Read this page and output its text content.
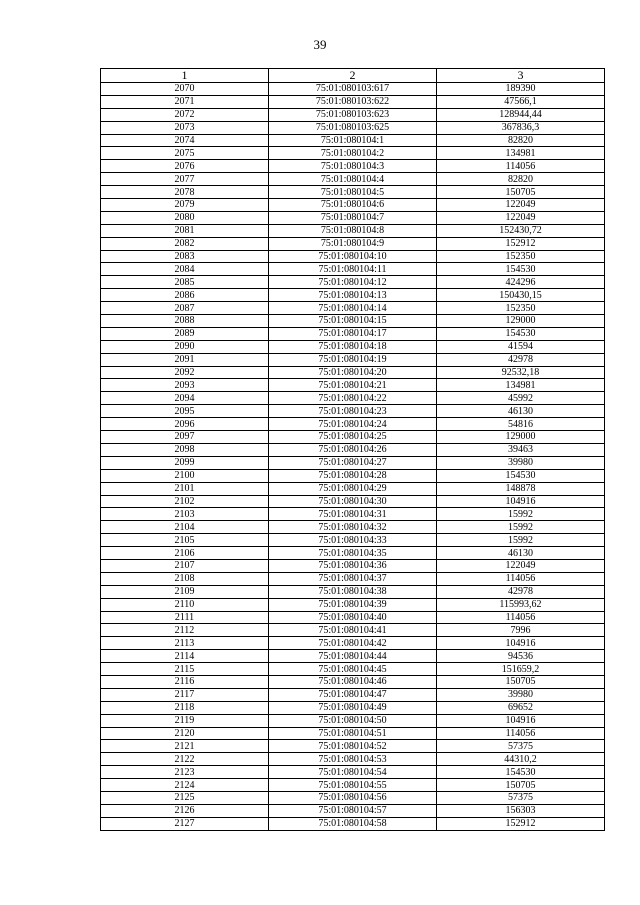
39
1	2	3
2070	75:01:080103:617	189390
2071	75:01:080103:622	47566,1
2072	75:01:080103:623	128944,44
2073	75:01:080103:625	367836,3
2074	75:01:080104:1	82820
2075	75:01:080104:2	134981
2076	75:01:080104:3	114056
2077	75:01:080104:4	82820
2078	75:01:080104:5	150705
2079	75:01:080104:6	122049
2080	75:01:080104:7	122049
2081	75:01:080104:8	152430,72
2082	75:01:080104:9	152912
2083	75:01:080104:10	152350
2084	75:01:080104:11	154530
2085	75:01:080104:12	424296
2086	75:01:080104:13	150430,15
2087	75:01:080104:14	152350
2088	75:01:080104:15	129000
2089	75:01:080104:17	154530
2090	75:01:080104:18	41594
2091	75:01:080104:19	42978
2092	75:01:080104:20	92532,18
2093	75:01:080104:21	134981
2094	75:01:080104:22	45992
2095	75:01:080104:23	46130
2096	75:01:080104:24	54816
2097	75:01:080104:25	129000
2098	75:01:080104:26	39463
2099	75:01:080104:27	39980
2100	75:01:080104:28	154530
2101	75:01:080104:29	148878
2102	75:01:080104:30	104916
2103	75:01:080104:31	15992
2104	75:01:080104:32	15992
2105	75:01:080104:33	15992
2106	75:01:080104:35	46130
2107	75:01:080104:36	122049
2108	75:01:080104:37	114056
2109	75:01:080104:38	42978
2110	75:01:080104:39	115993,62
2111	75:01:080104:40	114056
2112	75:01:080104:41	7996
2113	75:01:080104:42	104916
2114	75:01:080104:44	94536
2115	75:01:080104:45	151659,2
2116	75:01:080104:46	150705
2117	75:01:080104:47	39980
2118	75:01:080104:49	69652
2119	75:01:080104:50	104916
2120	75:01:080104:51	114056
2121	75:01:080104:52	57375
2122	75:01:080104:53	44310,2
2123	75:01:080104:54	154530
2124	75:01:080104:55	150705
2125	75:01:080104:56	57375
2126	75:01:080104:57	156303
2127	75:01:080104:58	152912
